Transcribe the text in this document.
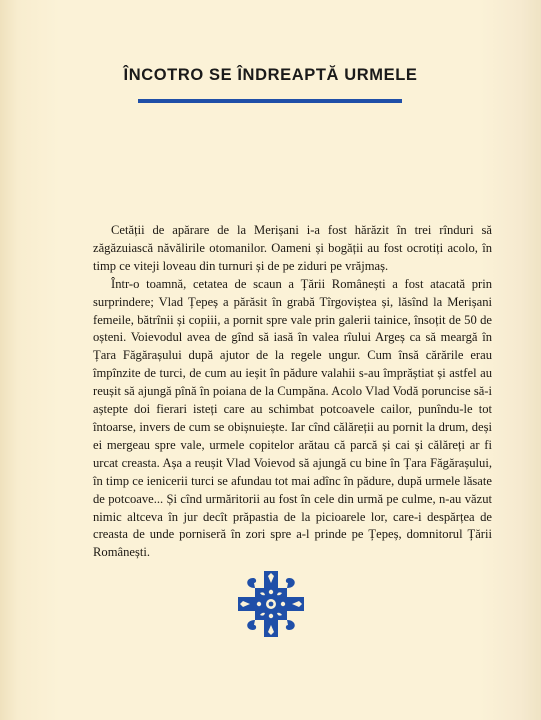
ÎNCOTRO SE ÎNDREAPTĂ URMELE

Cetății de apărare de la Merișani i-a fost hărăzit în trei rînduri să zăgăzuiască năvălirile otomanilor. Oameni și bogății au fost ocrotiți acolo, în timp ce viteji loveau din turnuri și de pe ziduri pe vrăjmaș.

Într-o toamnă, cetatea de scaun a Țării Românești a fost atacată prin surprindere; Vlad Țepeș a părăsit în grabă Tîrgoviștea și, lăsînd la Merișani femeile, bătrînii și copiii, a pornit spre vale prin galerii tainice, însoțit de 50 de oșteni. Voievodul avea de gînd să iasă în valea rîului Argeș ca să meargă în Țara Făgărașului după ajutor de la regele ungur. Cum însă cărările erau împînzite de turci, de cum au ieșit în pădure valahii s-au împrăștiat și astfel au reușit să ajungă pînă în poiana de la Cumpăna. Acolo Vlad Vodă poruncise să-i aștepte doi fierari isteți care au schimbat potcoavele cailor, punîndu-le tot întoarse, invers de cum se obișnuiește. Iar cînd călăreții au pornit la drum, deși ei mergeau spre vale, urmele copitelor arătau că parcă și cai și călăreți ar fi urcat creasta. Așa a reușit Vlad Voievod să ajungă cu bine în Țara Făgărașului, în timp ce ienicerii turci se afundau tot mai adînc în pădure, după urmele lăsate de potcoave... Și cînd urmăritorii au fost în cele din urmă pe culme, n-au văzut nimic altceva în jur decît prăpastia de la picioarele lor, care-i despărțea de creasta de unde porniseră în zori spre a-l prinde pe Țepeș, domnitorul Țării Românești.
